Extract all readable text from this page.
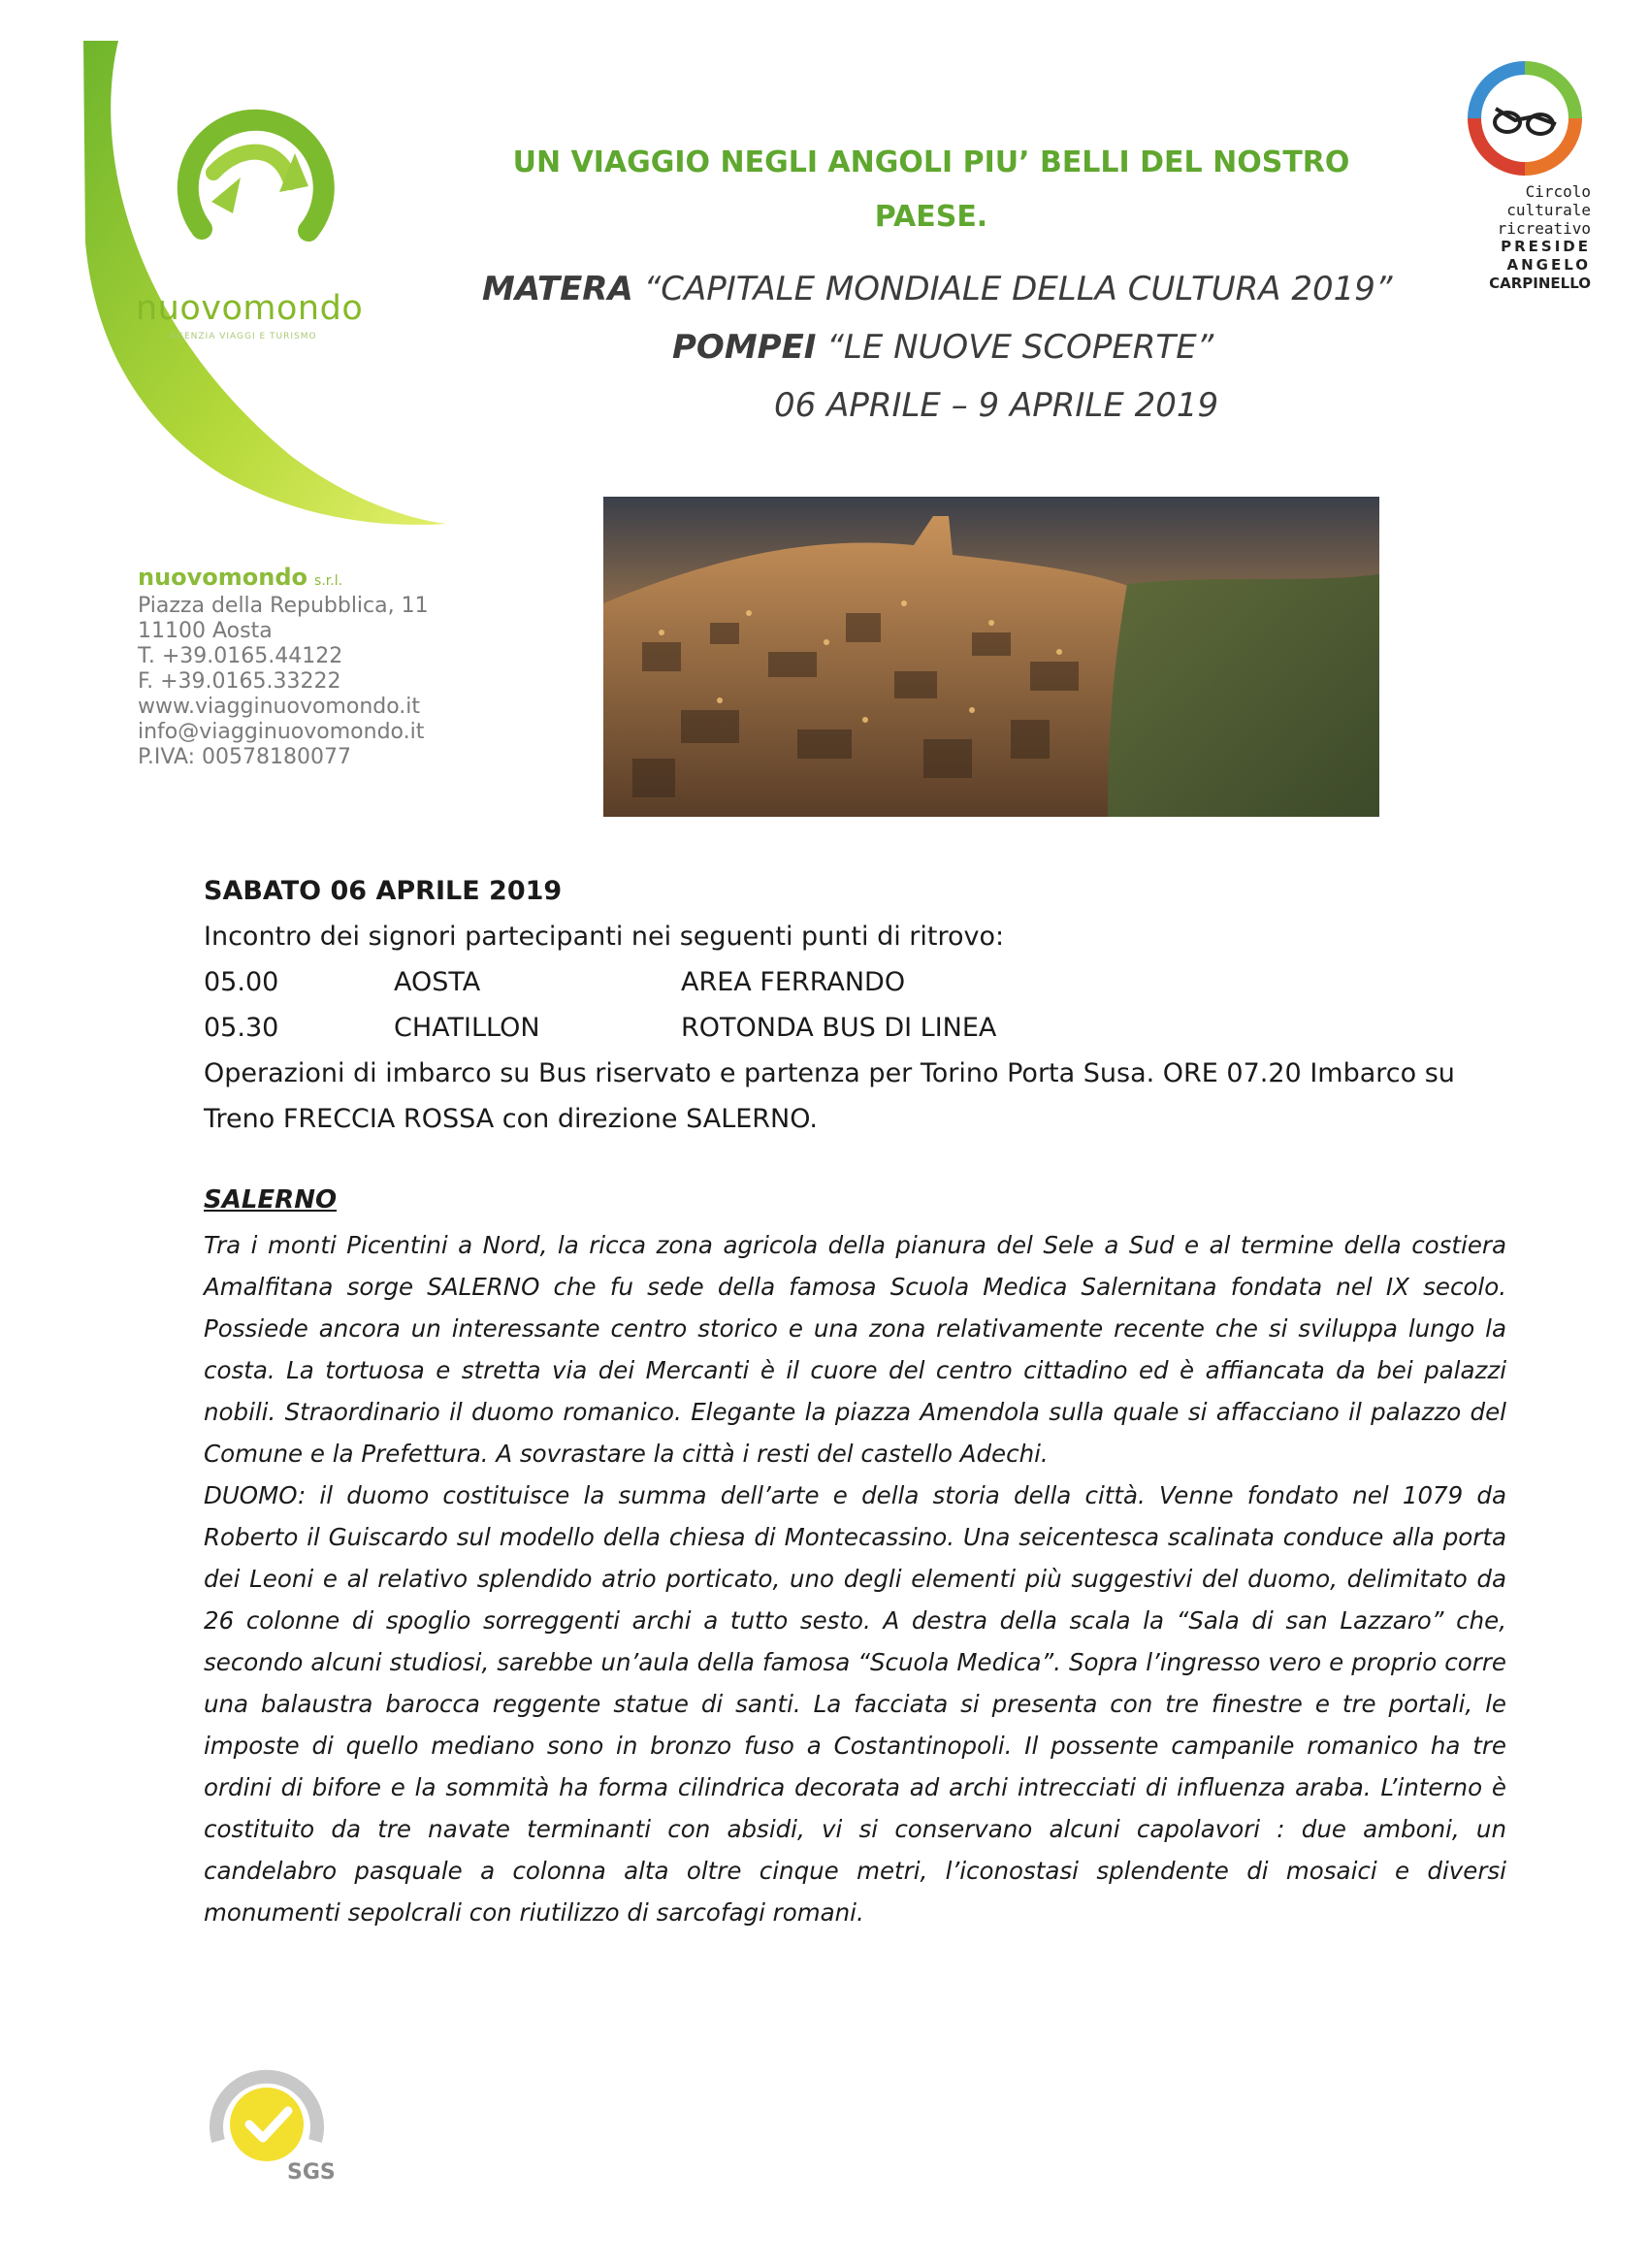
nuovomondo
AGENZIA VIAGGI E TURISMO
nuovomondo s.r.l.
Piazza della Repubblica, 11
11100 Aosta
T. +39.0165.44122
F. +39.0165.33222
www.viagginuovomondo.it
info@viagginuovomondo.it
P.IVA: 00578180077
UN VIAGGIO NEGLI ANGOLI PIU’ BELLI DEL NOSTRO
PAESE.
MATERA “CAPITALE MONDIALE DELLA CULTURA 2019”
POMPEI “LE NUOVE SCOPERTE”
06 APRILE – 9 APRILE 2019
Circolo
culturale
ricreativo
PRESIDE
ANGELO
CARPINELLO
SABATO 06 APRILE 2019
Incontro dei signori partecipanti nei seguenti punti di ritrovo:
05.00	AOSTA	AREA FERRANDO
05.30	CHATILLON	ROTONDA BUS DI LINEA
Operazioni di imbarco su Bus riservato e partenza per Torino Porta Susa. ORE 07.20 Imbarco su
Treno FRECCIA ROSSA con direzione SALERNO.
SALERNO

Tra i monti Picentini a Nord, la ricca zona agricola della pianura del Sele a Sud e al termine della costiera Amalfitana sorge SALERNO che fu sede della famosa Scuola Medica Salernitana fondata nel IX secolo. Possiede ancora un interessante centro storico e una zona relativamente recente che si sviluppa lungo la costa. La tortuosa e stretta via dei Mercanti è il cuore del centro cittadino ed è affiancata da bei palazzi nobili. Straordinario il duomo romanico. Elegante la piazza Amendola sulla quale si affacciano il palazzo del Comune e la Prefettura. A sovrastare la città i resti del castello Adechi.

DUOMO: il duomo costituisce la summa dell’arte e della storia della città. Venne fondato nel 1079 da Roberto il Guiscardo sul modello della chiesa di Montecassino. Una seicentesca scalinata conduce alla porta dei Leoni e al relativo splendido atrio porticato, uno degli elementi più suggestivi del duomo, delimitato da 26 colonne di spoglio sorreggenti archi a tutto sesto. A destra della scala la “Sala di san Lazzaro” che, secondo alcuni studiosi, sarebbe un’aula della famosa “Scuola Medica”. Sopra l’ingresso vero e proprio corre una balaustra barocca reggente statue di santi. La facciata si presenta con tre finestre e tre portali, le imposte di quello mediano sono in bronzo fuso a Costantinopoli. Il possente campanile romanico ha tre ordini di bifore e la sommità ha forma cilindrica decorata ad archi intrecciati di influenza araba. L’interno è costituito da tre navate terminanti con absidi, vi si conservano alcuni capolavori : due amboni, un candelabro pasquale a colonna alta oltre cinque metri, l’iconostasi splendente di mosaici e diversi monumenti sepolcrali con riutilizzo di sarcofagi romani.

SGS
